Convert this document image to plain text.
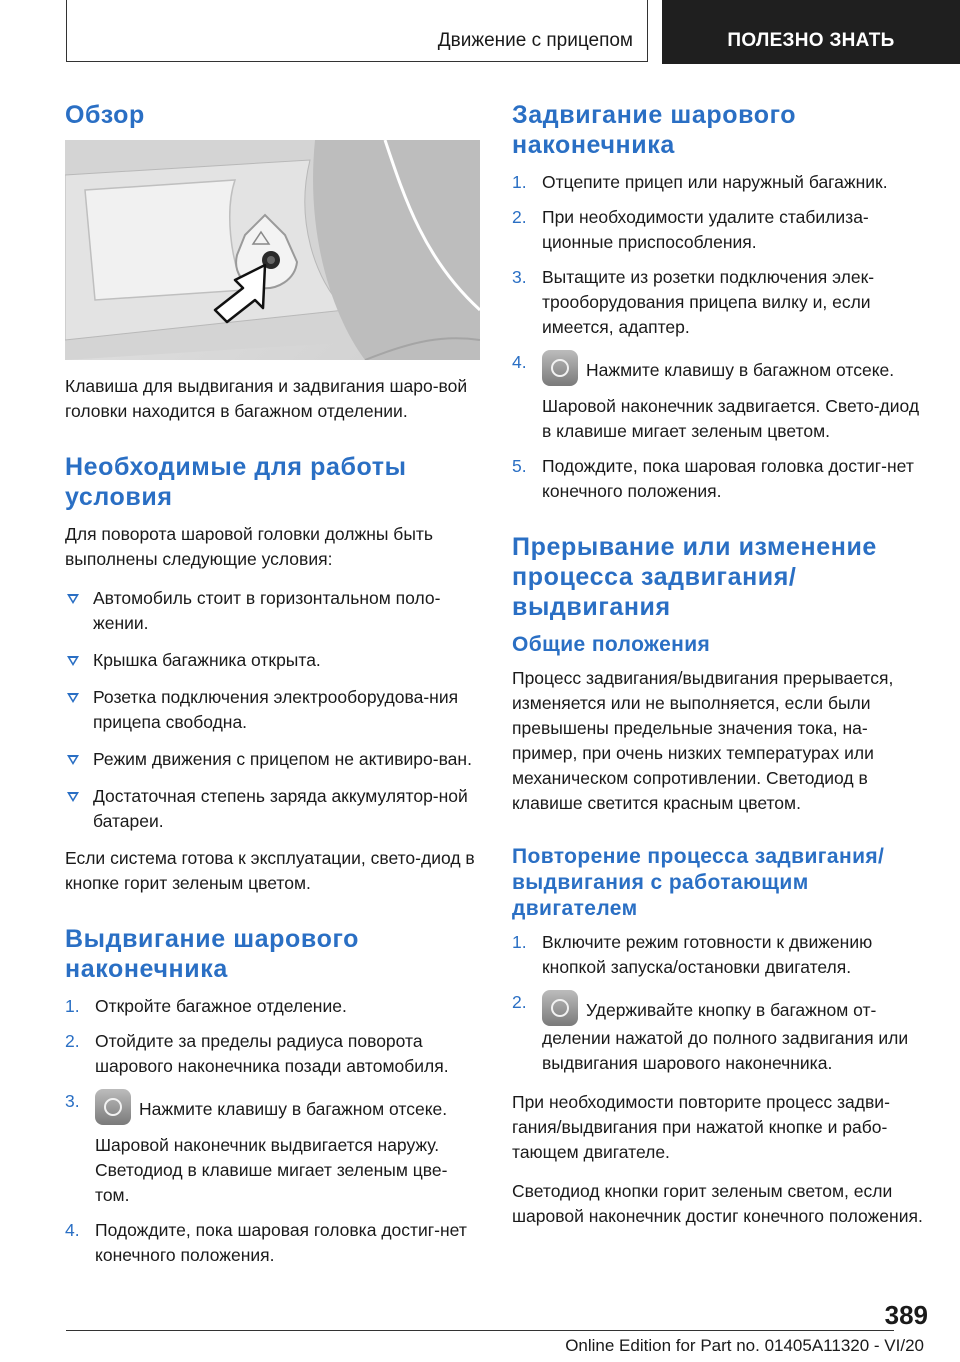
Движение с прицепом	ПОЛЕЗНО ЗНАТЬ
Обзор

Клавиша для выдвигания и задвигания шаро-вой головки находится в багажном отделении.

Необходимые для работы условия

Для поворота шаровой головки должны быть выполнены следующие условия:

Автомобиль стоит в горизонтальном поло-жении.
Крышка багажника открыта.
Розетка подключения электрооборудова-ния прицепа свободна.
Режим движения с прицепом не активиро-ван.
Достаточная степень заряда аккумулятор-ной батареи.

Если система готова к эксплуатации, свето-диод в кнопке горит зеленым цветом.

Выдвигание шарового наконечника
1. Откройте багажное отделение.
2. Отойдите за пределы радиуса поворота шарового наконечника позади автомобиля.
3.	Нажмите клавишу в багажном отсеке.
Шаровой наконечник выдвигается наружу. Светодиод в клавише мигает зеленым цве-том.
4. Подождите, пока шаровая головка достиг-нет конечного положения.
Задвигание шарового наконечника
1. Отцепите прицеп или наружный багажник.
2. При необходимости удалите стабилиза-ционные приспособления.
3. Вытащите из розетки подключения элек-трооборудования прицепа вилку и, если имеется, адаптер.
4.	Нажмите клавишу в багажном отсеке.
Шаровой наконечник задвигается. Свето-диод в клавише мигает зеленым цветом.
5. Подождите, пока шаровая головка достиг-нет конечного положения.
Прерывание или изменение процесса задвигания/ выдвигания
Общие положения

Процесс задвигания/выдвигания прерывается, изменяется или не выполняется, если были превышены предельные значения тока, на-пример, при очень низких температурах или механическом сопротивлении. Светодиод в клавише светится красным цветом.

Повторение процесса задвигания/ выдвигания с работающим двигателем
1. Включите режим готовности к движению кнопкой запуска/остановки двигателя.
2.	Удерживайте кнопку в багажном от-делении нажатой до полного задвигания или выдвигания шарового наконечника.

При необходимости повторите процесс задви-гания/выдвигания при нажатой кнопке и рабо-тающем двигателе.

Светодиод кнопки горит зеленым светом, если шаровой наконечник достиг конечного положения.

389
Online Edition for Part no. 01405A11320 - VI/20
